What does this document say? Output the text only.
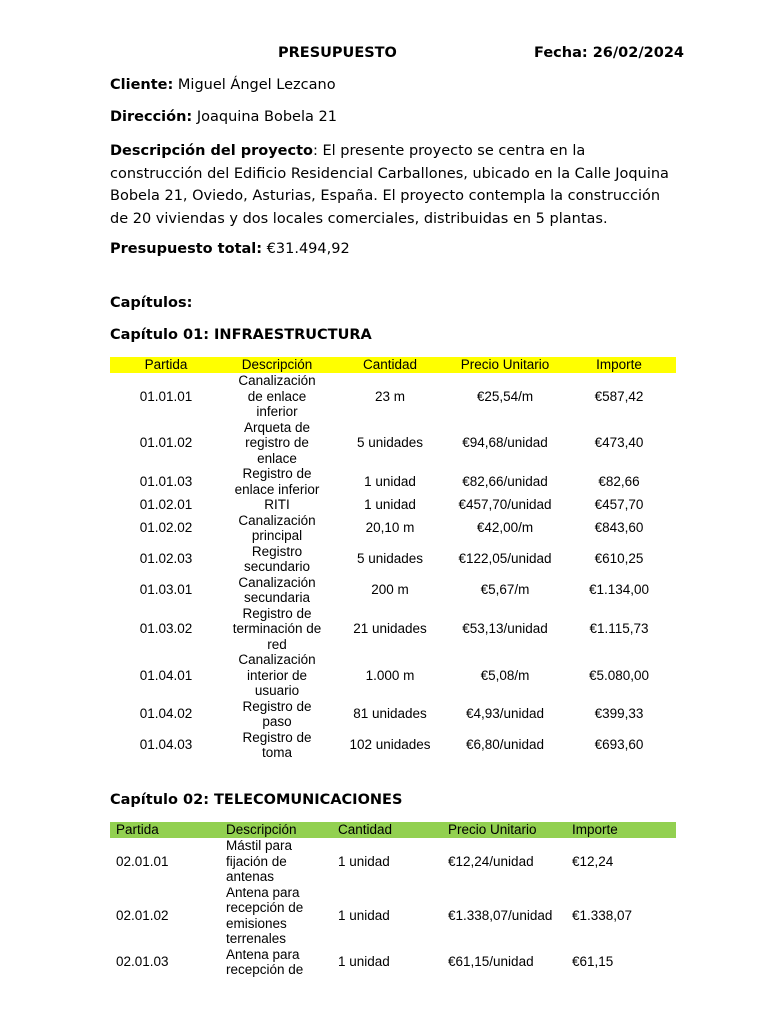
PRESUPUESTO	Fecha: 26/02/2024
Cliente: Miguel Ángel Lezcano
Dirección: Joaquina Bobela 21
Descripción del proyecto: El presente proyecto se centra en la construcción del Edificio Residencial Carballones, ubicado en la Calle Joquina Bobela 21, Oviedo, Asturias, España. El proyecto contempla la construcción de 20 viviendas y dos locales comerciales, distribuidas en 5 plantas.
Presupuesto total: €31.494,92
Capítulos:
Capítulo 01: INFRAESTRUCTURA
Partida	Descripción	Cantidad	Precio Unitario	Importe
01.01.01	Canalización de enlace inferior	23 m	€25,54/m	€587,42
01.01.02	Arqueta de registro de enlace	5 unidades	€94,68/unidad	€473,40
01.01.03	Registro de enlace inferior	1 unidad	€82,66/unidad	€82,66
01.02.01	RITI	1 unidad	€457,70/unidad	€457,70
01.02.02	Canalización principal	20,10 m	€42,00/m	€843,60
01.02.03	Registro secundario	5 unidades	€122,05/unidad	€610,25
01.03.01	Canalización secundaria	200 m	€5,67/m	€1.134,00
01.03.02	Registro de terminación de red	21 unidades	€53,13/unidad	€1.115,73
01.04.01	Canalización interior de usuario	1.000 m	€5,08/m	€5.080,00
01.04.02	Registro de paso	81 unidades	€4,93/unidad	€399,33
01.04.03	Registro de toma	102 unidades	€6,80/unidad	€693,60
Capítulo 02: TELECOMUNICACIONES
Partida	Descripción	Cantidad	Precio Unitario	Importe
02.01.01	Mástil para fijación de antenas	1 unidad	€12,24/unidad	€12,24
02.01.02	Antena para recepción de emisiones terrenales	1 unidad	€1.338,07/unidad	€1.338,07
02.01.03	Antena para recepción de	1 unidad	€61,15/unidad	€61,15
